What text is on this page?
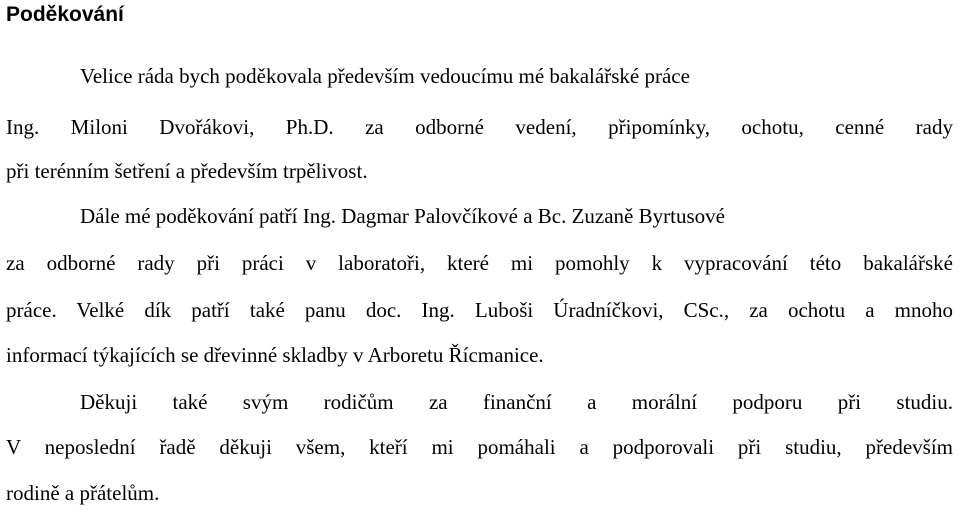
Poděkování
Velice ráda bych poděkovala především vedoucímu mé bakalářské práce
Ing. Miloni Dvořákovi, Ph.D. za odborné vedení, připomínky, ochotu, cenné rady
při terénním šetření a především trpělivost.
Dále mé poděkování patří Ing. Dagmar Palovčíkové a Bc. Zuzaně Byrtusové
za odborné rady při práci v laboratoři, které mi pomohly k vypracování této bakalářské
práce. Velké dík patří také panu doc. Ing. Luboši Úradníčkovi, CSc., za ochotu a mnoho
informací týkajících se dřevinné skladby v Arboretu Řícmanice.
Děkuji také svým rodičům za finanční a morální podporu při studiu.
V neposlední řadě děkuji všem, kteří mi pomáhali a podporovali při studiu, především
rodině a přátelům.
